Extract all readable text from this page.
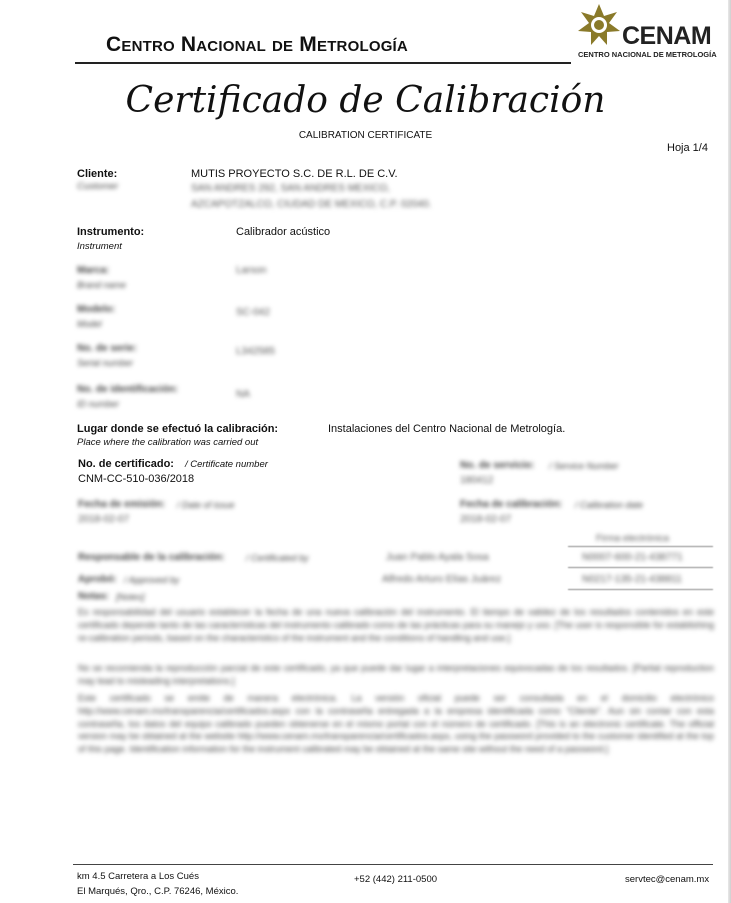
Centro Nacional de Metrología	CENAM
CENTRO NACIONAL DE METROLOGÍA
Certificado de Calibración
CALIBRATION CERTIFICATE
Hoja 1/4
Cliente:
Customer
MUTIS PROYECTO S.C. DE R.L. DE C.V.
SAN ANDRES 292, SAN ANDRES MEXICO,
AZCAPOTZALCO, CIUDAD DE MEXICO, C.P. 02040.
Instrumento:
Instrument
Calibrador acústico
Marca:
Brand name
Larson
Modelo:
Model
SC-042
No. de serie:
Serial number
L342585
No. de identificación:
ID number
NA
Lugar donde se efectuó la calibración:
Place where the calibration was carried out
Instalaciones del Centro Nacional de Metrología.
No. de certificado: / Certificate number
CNM-CC-510-036/2018
No. de servicio: / Service Number
180412
Fecha de emisión: / Date of issue
2018-02-07
Fecha de calibración: / Calibration date
2018-02-07
Firma electrónica
Responsable de la calibración: / Certificated by	Juan Pablo Ayala Sosa	N0007-600-21-438771
Aprobó: / Approved by	Alfredo Arturo Elías Juárez	N0217-135-21-438811
Notas: [Notes]
Es responsabilidad del usuario establecer la fecha de una nueva calibración del instrumento. El tiempo de validez de los resultados contenidos en este certificado depende tanto de las características del instrumento calibrado como de las prácticas para su manejo y uso. [The user is responsible for establishing re-calibration periods, based on the characteristics of the instrument and the conditions of handling and use.]
No se recomienda la reproducción parcial de este certificado, ya que puede dar lugar a interpretaciones equivocadas de los resultados. [Partial reproduction may lead to misleading interpretations.]
Este certificado se emite de manera electrónica. La versión oficial puede ser consultada en el domicilio electrónico http://www.cenam.mx/transparencia/certificados.aspx con la contraseña entregada a la empresa identificada como "Cliente". Aun sin contar con esta contraseña, los datos del equipo calibrado pueden obtenerse en el mismo portal con el número de certificado. [This is an electronic certificate. The official version may be obtained at the website http://www.cenam.mx/transparencia/certificados.aspx, using the password provided to the customer identified at the top of this page. Identification information for the instrument calibrated may be obtained at the same site without the need of a password.]
km 4.5 Carretera a Los Cués
El Marqués, Qro., C.P. 76246, México.
+52 (442) 211-0500	servtec@cenam.mx
